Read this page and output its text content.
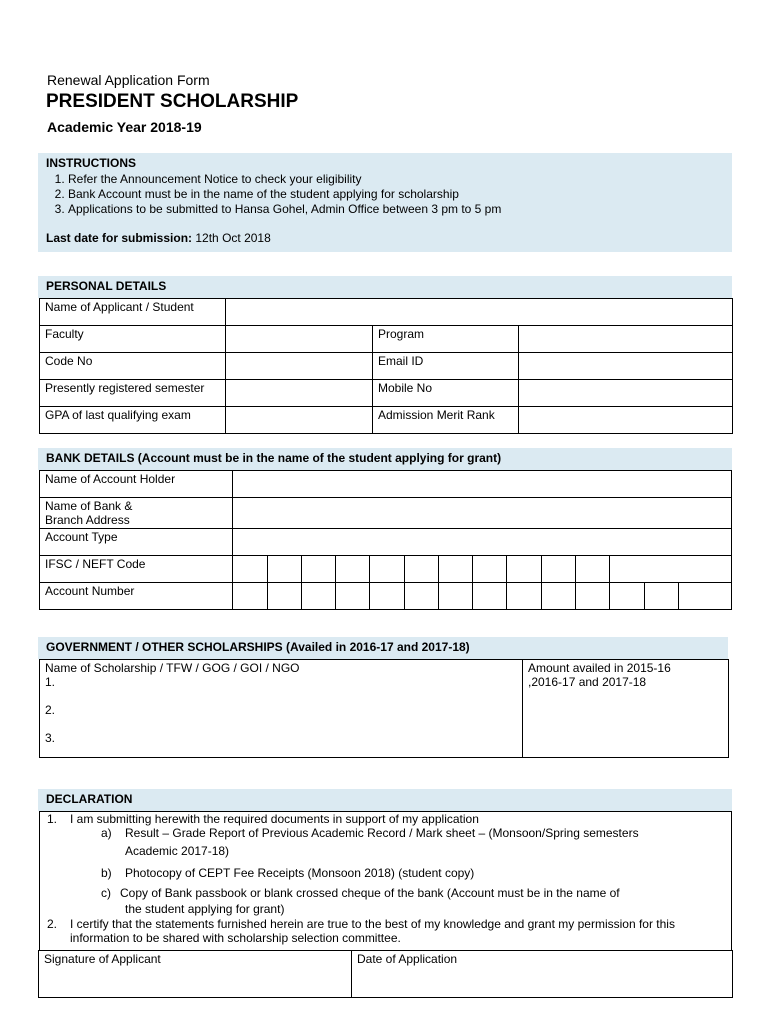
Renewal Application Form
PRESIDENT SCHOLARSHIP
Academic Year 2018-19
INSTRUCTIONS
1. Refer the Announcement Notice to check your eligibility
2. Bank Account must be in the name of the student applying for scholarship
3. Applications to be submitted to Hansa Gohel, Admin Office between 3 pm to 5 pm
Last date for submission: 12th Oct 2018
PERSONAL DETAILS
Name of Applicant / Student			
Faculty		Program	
Code No		Email ID	
Presently registered semester		Mobile No	
GPA of last qualifying exam		Admission Merit Rank	
BANK DETAILS (Account must be in the name of the student applying for grant)
Name of Account Holder														
Name of Bank &
Branch Address														
Account Type														
IFSC / NEFT Code														
Account Number														
GOVERNMENT / OTHER SCHOLARSHIPS (Availed in 2016-17 and 2017-18)
Name of Scholarship / TFW / GOG / GOI / NGO
1.
2.
3.

Amount availed in 2015-16
,2016-17 and 2017-18
DECLARATION
1. I am submitting herewith the required documents in support of my application
a) Result – Grade Report of Previous Academic Record / Mark sheet – (Monsoon/Spring semesters
Academic 2017-18)
b) Photocopy of CEPT Fee Receipts (Monsoon 2018) (student copy)
c) Copy of Bank passbook or blank crossed cheque of the bank (Account must be in the name of
the student applying for grant)
2. I certify that the statements furnished herein are true to the best of my knowledge and grant my permission for this
information to be shared with scholarship selection committee.
Signature of Applicant	Date of Application
